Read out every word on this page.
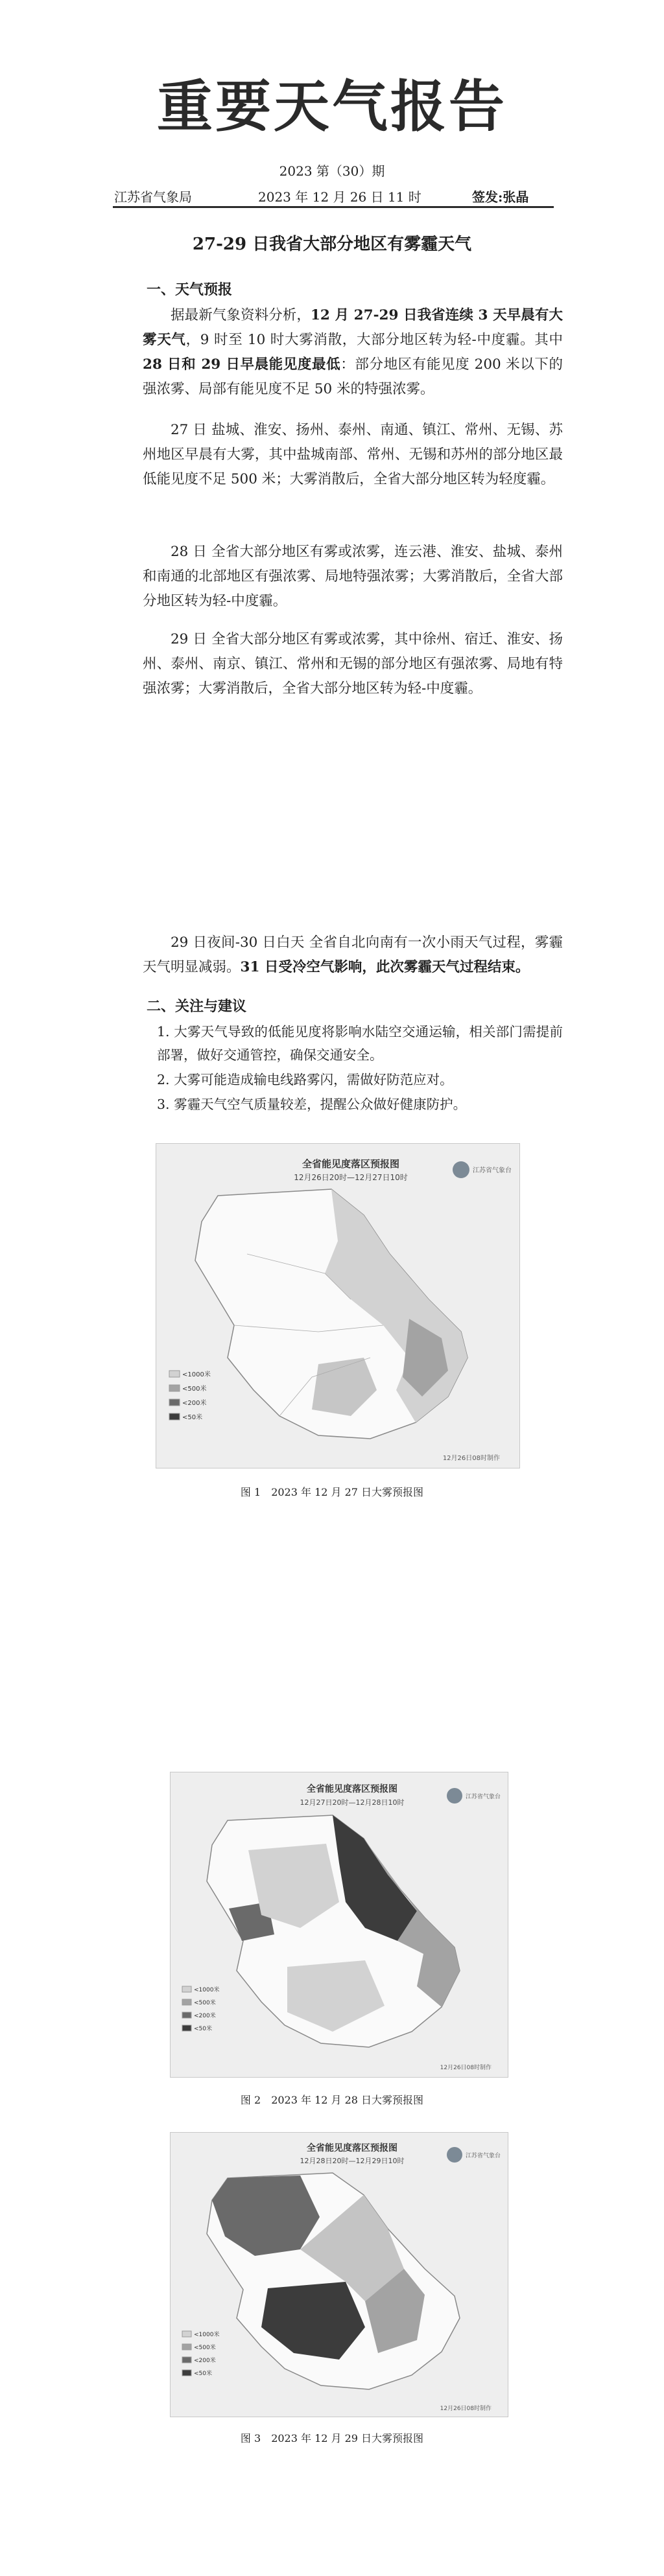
重要天气报告
2023 第（30）期
江苏省气象局	2023 年 12 月 26 日 11 时	签发:张晶
27-29 日我省大部分地区有雾霾天气
一、天气预报

据最新气象资料分析，12 月 27-29 日我省连续 3 天早晨有大雾天气，9 时至 10 时大雾消散，大部分地区转为轻-中度霾。其中28 日和 29 日早晨能见度最低：部分地区有能见度 200 米以下的强浓雾、局部有能见度不足 50 米的特强浓雾。

27 日 盐城、淮安、扬州、泰州、南通、镇江、常州、无锡、苏州地区早晨有大雾，其中盐城南部、常州、无锡和苏州的部分地区最低能见度不足 500 米；大雾消散后，全省大部分地区转为轻度霾。

28 日 全省大部分地区有雾或浓雾，连云港、淮安、盐城、泰州和南通的北部地区有强浓雾、局地特强浓雾；大雾消散后，全省大部分地区转为轻-中度霾。

29 日 全省大部分地区有雾或浓雾，其中徐州、宿迁、淮安、扬州、泰州、南京、镇江、常州和无锡的部分地区有强浓雾、局地有特强浓雾；大雾消散后，全省大部分地区转为轻-中度霾。

29 日夜间-30 日白天 全省自北向南有一次小雨天气过程，雾霾天气明显减弱。31 日受冷空气影响，此次雾霾天气过程结束。

二、关注与建议

1. 大雾天气导致的低能见度将影响水陆空交通运输，相关部门需提前部署，做好交通管控，确保交通安全。

2. 大雾可能造成输电线路雾闪，需做好防范应对。

3. 雾霾天气空气质量较差，提醒公众做好健康防护。

全省能见度落区预报图
12月26日20时—12月27日10时
江苏省气象台
<1000米
<500米
<200米
<50米
12月26日08时制作
图 1　2023 年 12 月 27 日大雾预报图
全省能见度落区预报图
12月27日20时—12月28日10时
江苏省气象台
<1000米
<500米
<200米
<50米
12月26日08时制作
图 2　2023 年 12 月 28 日大雾预报图
全省能见度落区预报图
12月28日20时—12月29日10时
江苏省气象台
<1000米
<500米
<200米
<50米
12月26日08时制作
图 3　2023 年 12 月 29 日大雾预报图
